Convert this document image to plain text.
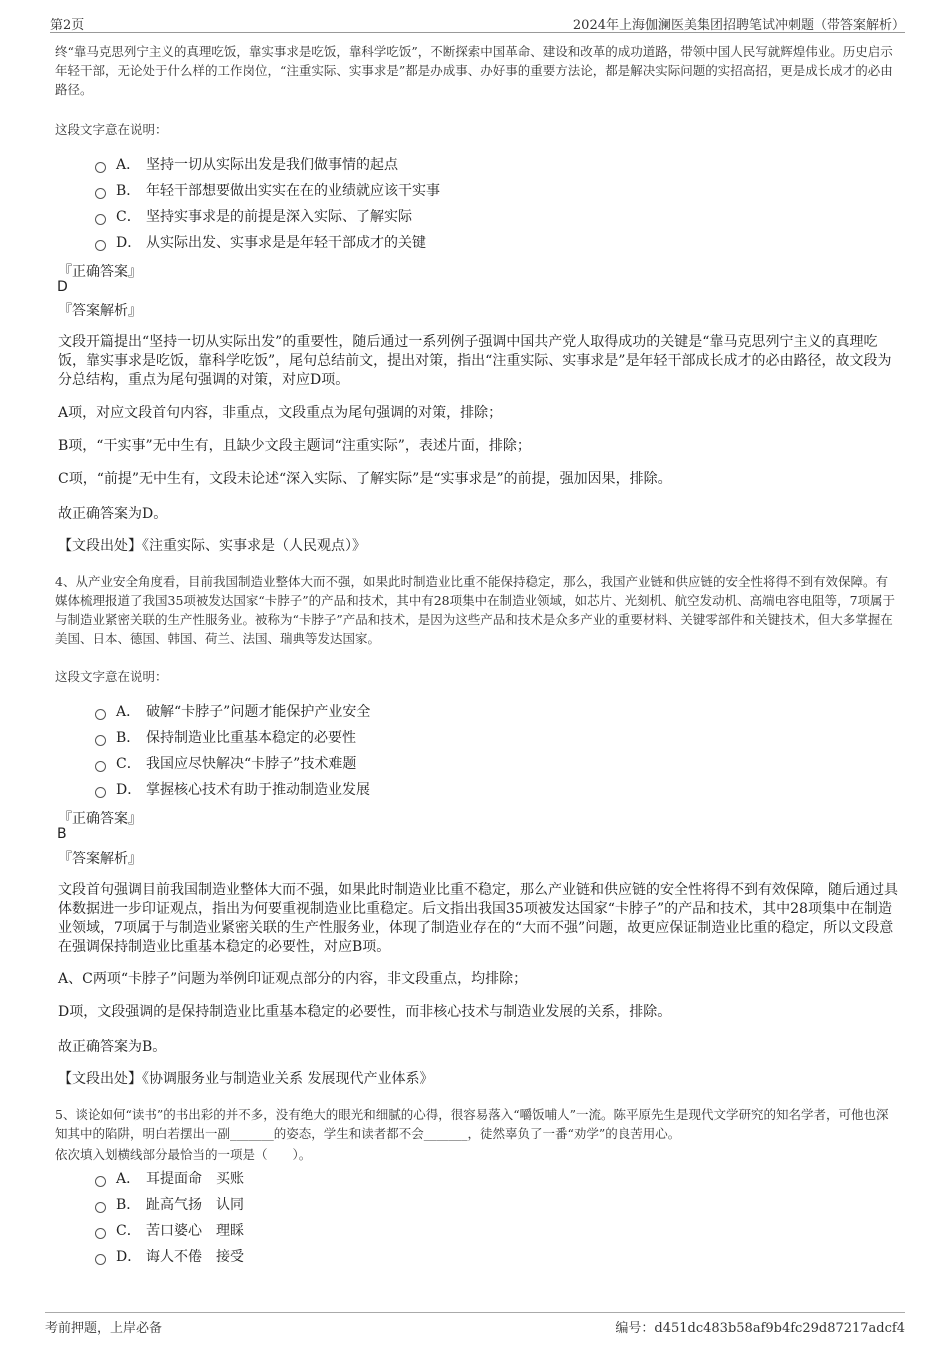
第2页	2024年上海伽澜医美集团招聘笔试冲刺题（带答案解析）
终“靠马克思列宁主义的真理吃饭，靠实事求是吃饭，靠科学吃饭”，不断探索中国革命、建设和改革的成功道路，带领中国人民写就辉煌伟业。历史启示年轻干部，无论处于什么样的工作岗位，“注重实际、实事求是”都是办成事、办好事的重要方法论，都是解决实际问题的实招高招，更是成长成才的必由路径。
这段文字意在说明：
A． 坚持一切从实际出发是我们做事情的起点
B． 年轻干部想要做出实实在在的业绩就应该干实事
C． 坚持实事求是的前提是深入实际、了解实际
D． 从实际出发、实事求是是年轻干部成才的关键
『正确答案』
D
『答案解析』
文段开篇提出“坚持一切从实际出发”的重要性，随后通过一系列例子强调中国共产党人取得成功的关键是“靠马克思列宁主义的真理吃饭，靠实事求是吃饭，靠科学吃饭”，尾句总结前文，提出对策，指出“注重实际、实事求是”是年轻干部成长成才的必由路径，故文段为分总结构，重点为尾句强调的对策，对应D项。
A项，对应文段首句内容，非重点，文段重点为尾句强调的对策，排除；
B项，“干实事”无中生有，且缺少文段主题词“注重实际”，表述片面，排除；
C项，“前提”无中生有，文段未论述“深入实际、了解实际”是“实事求是”的前提，强加因果，排除。
故正确答案为D。
【文段出处】《注重实际、实事求是（人民观点）》
4、从产业安全角度看，目前我国制造业整体大而不强，如果此时制造业比重不能保持稳定，那么，我国产业链和供应链的安全性将得不到有效保障。有媒体梳理报道了我国35项被发达国家“卡脖子”的产品和技术，其中有28项集中在制造业领域，如芯片、光刻机、航空发动机、高端电容电阻等，7项属于与制造业紧密关联的生产性服务业。被称为“卡脖子”产品和技术，是因为这些产品和技术是众多产业的重要材料、关键零部件和关键技术，但大多掌握在美国、日本、德国、韩国、荷兰、法国、瑞典等发达国家。
这段文字意在说明：
A． 破解“卡脖子”问题才能保护产业安全
B． 保持制造业比重基本稳定的必要性
C． 我国应尽快解决“卡脖子”技术难题
D． 掌握核心技术有助于推动制造业发展
『正确答案』
B
『答案解析』
文段首句强调目前我国制造业整体大而不强，如果此时制造业比重不稳定，那么产业链和供应链的安全性将得不到有效保障，随后通过具体数据进一步印证观点，指出为何要重视制造业比重稳定。后文指出我国35项被发达国家“卡脖子”的产品和技术，其中28项集中在制造业领域，7项属于与制造业紧密关联的生产性服务业，体现了制造业存在的“大而不强”问题，故更应保证制造业比重的稳定，所以文段意在强调保持制造业比重基本稳定的必要性，对应B项。
A、C两项“卡脖子”问题为举例印证观点部分的内容，非文段重点，均排除；
D项，文段强调的是保持制造业比重基本稳定的必要性，而非核心技术与制造业发展的关系，排除。
故正确答案为B。
【文段出处】《协调服务业与制造业关系 发展现代产业体系》
5、谈论如何“读书”的书出彩的并不多，没有绝大的眼光和细腻的心得，很容易落入“嚼饭哺人”一流。陈平原先生是现代文学研究的知名学者，可他也深知其中的陷阱，明白若摆出一副_______的姿态，学生和读者都不会_______，徒然辜负了一番“劝学”的良苦用心。
依次填入划横线部分最恰当的一项是（　　）。
A． 耳提面命　买账
B． 趾高气扬　认同
C． 苦口婆心　理睬
D． 诲人不倦　接受
考前押题，上岸必备	编号：d451dc483b58af9b4fc29d87217adcf4
